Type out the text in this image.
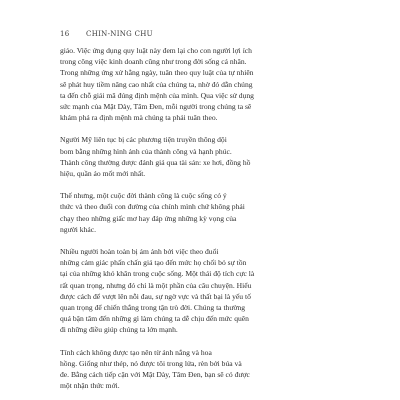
16 CHIN-NING CHU
giáo. Việc ứng dụng quy luật này đem lại cho con người lợi ích
trong công việc kinh doanh cũng như trong đời sống cá nhân.
Trong những ứng xử hằng ngày, tuân theo quy luật của tự nhiên
sẽ phát huy tiềm năng cao nhất của chúng ta, nhờ đó dẫn chúng
ta đến chỗ giải mã đúng định mệnh của mình. Qua việc sử dụng
sức mạnh của Mặt Dày, Tâm Đen, mỗi người trong chúng ta sẽ
khám phá ra định mệnh mà chúng ta phải tuân theo.
Người Mỹ liên tục bị các phương tiện truyền thông dội
bom bằng những hình ảnh của thành công và hạnh phúc.
Thành công thường được đánh giá qua tài sản: xe hơi, đồng hồ
hiệu, quần áo mốt mới nhất.
Thế nhưng, một cuộc đời thành công là cuộc sống có ý
thức và theo đuổi con đường của chính mình chứ không phải
chạy theo những giấc mơ hay đáp ứng những kỳ vọng của
người khác.
Nhiều người hoàn toàn bị ám ảnh bởi việc theo đuổi
những cảm giác phấn chấn giả tạo đến mức họ chối bỏ sự tồn
tại của những khó khăn trong cuộc sống. Một thái độ tích cực là
rất quan trọng, nhưng đó chỉ là một phần của câu chuyện. Hiểu
được cách để vượt lên nỗi đau, sự ngờ vực và thất bại là yếu tố
quan trọng để chiến thắng trong tận trò đời. Chúng ta thường
quá bận tâm đến những gì làm chúng ta dễ chịu đến mức quên
đi những điều giúp chúng ta lớn mạnh.
Tính cách không được tạo nên từ ánh nắng và hoa
hồng. Giống như thép, nó được tôi trong lửa, rèn bởi búa và
đe. Bằng cách tiếp cận với Mặt Dày, Tâm Đen, bạn sẽ có được
một nhận thức mới.
